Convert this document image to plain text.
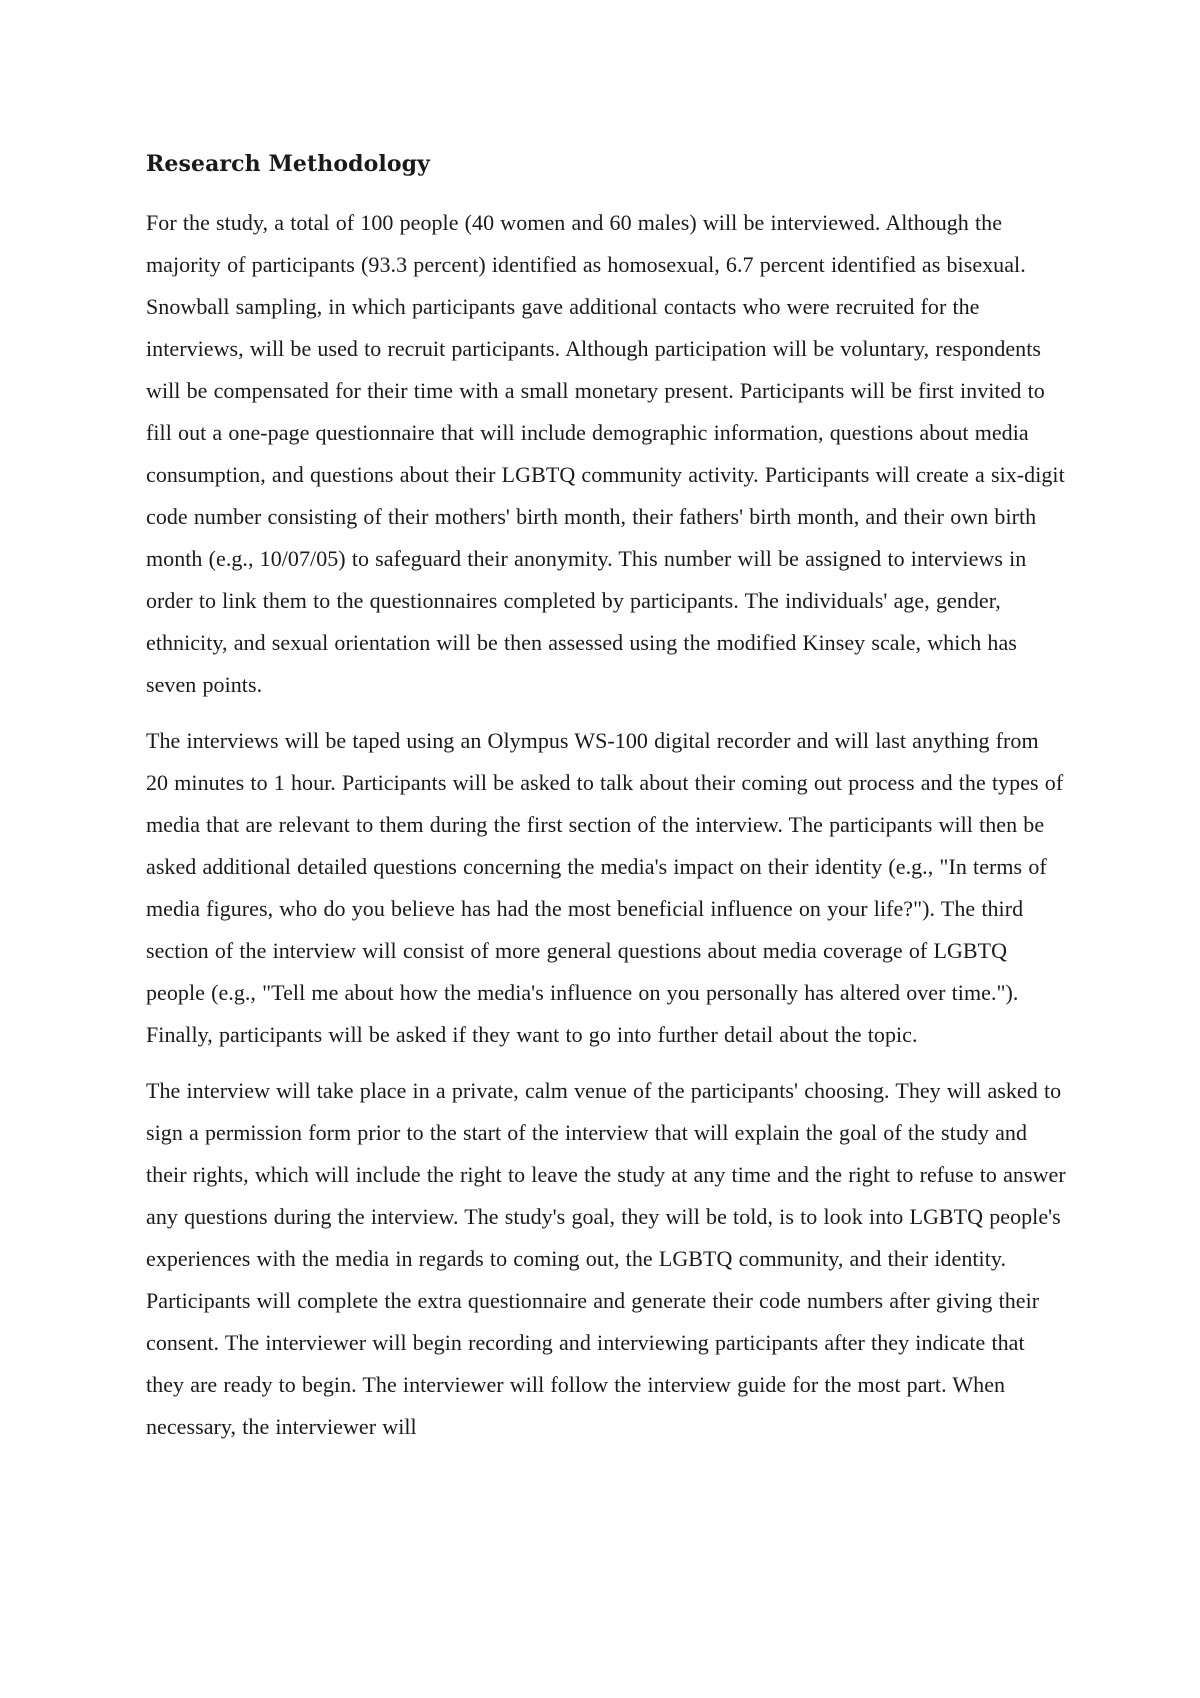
Research Methodology

For the study, a total of 100 people (40 women and 60 males) will be interviewed. Although the majority of participants (93.3 percent) identified as homosexual, 6.7 percent identified as bisexual. Snowball sampling, in which participants gave additional contacts who were recruited for the interviews, will be used to recruit participants. Although participation will be voluntary, respondents will be compensated for their time with a small monetary present. Participants will be first invited to fill out a one-page questionnaire that will include demographic information, questions about media consumption, and questions about their LGBTQ community activity. Participants will create a six-digit code number consisting of their mothers' birth month, their fathers' birth month, and their own birth month (e.g., 10/07/05) to safeguard their anonymity. This number will be assigned to interviews in order to link them to the questionnaires completed by participants. The individuals' age, gender, ethnicity, and sexual orientation will be then assessed using the modified Kinsey scale, which has seven points.

The interviews will be taped using an Olympus WS-100 digital recorder and will last anything from 20 minutes to 1 hour. Participants will be asked to talk about their coming out process and the types of media that are relevant to them during the first section of the interview. The participants will then be asked additional detailed questions concerning the media's impact on their identity (e.g., "In terms of media figures, who do you believe has had the most beneficial influence on your life?"). The third section of the interview will consist of more general questions about media coverage of LGBTQ people (e.g., "Tell me about how the media's influence on you personally has altered over time."). Finally, participants will be asked if they want to go into further detail about the topic.

The interview will take place in a private, calm venue of the participants' choosing. They will asked to sign a permission form prior to the start of the interview that will explain the goal of the study and their rights, which will include the right to leave the study at any time and the right to refuse to answer any questions during the interview. The study's goal, they will be told, is to look into LGBTQ people's experiences with the media in regards to coming out, the LGBTQ community, and their identity. Participants will complete the extra questionnaire and generate their code numbers after giving their consent. The interviewer will begin recording and interviewing participants after they indicate that they are ready to begin. The interviewer will follow the interview guide for the most part. When necessary, the interviewer will
